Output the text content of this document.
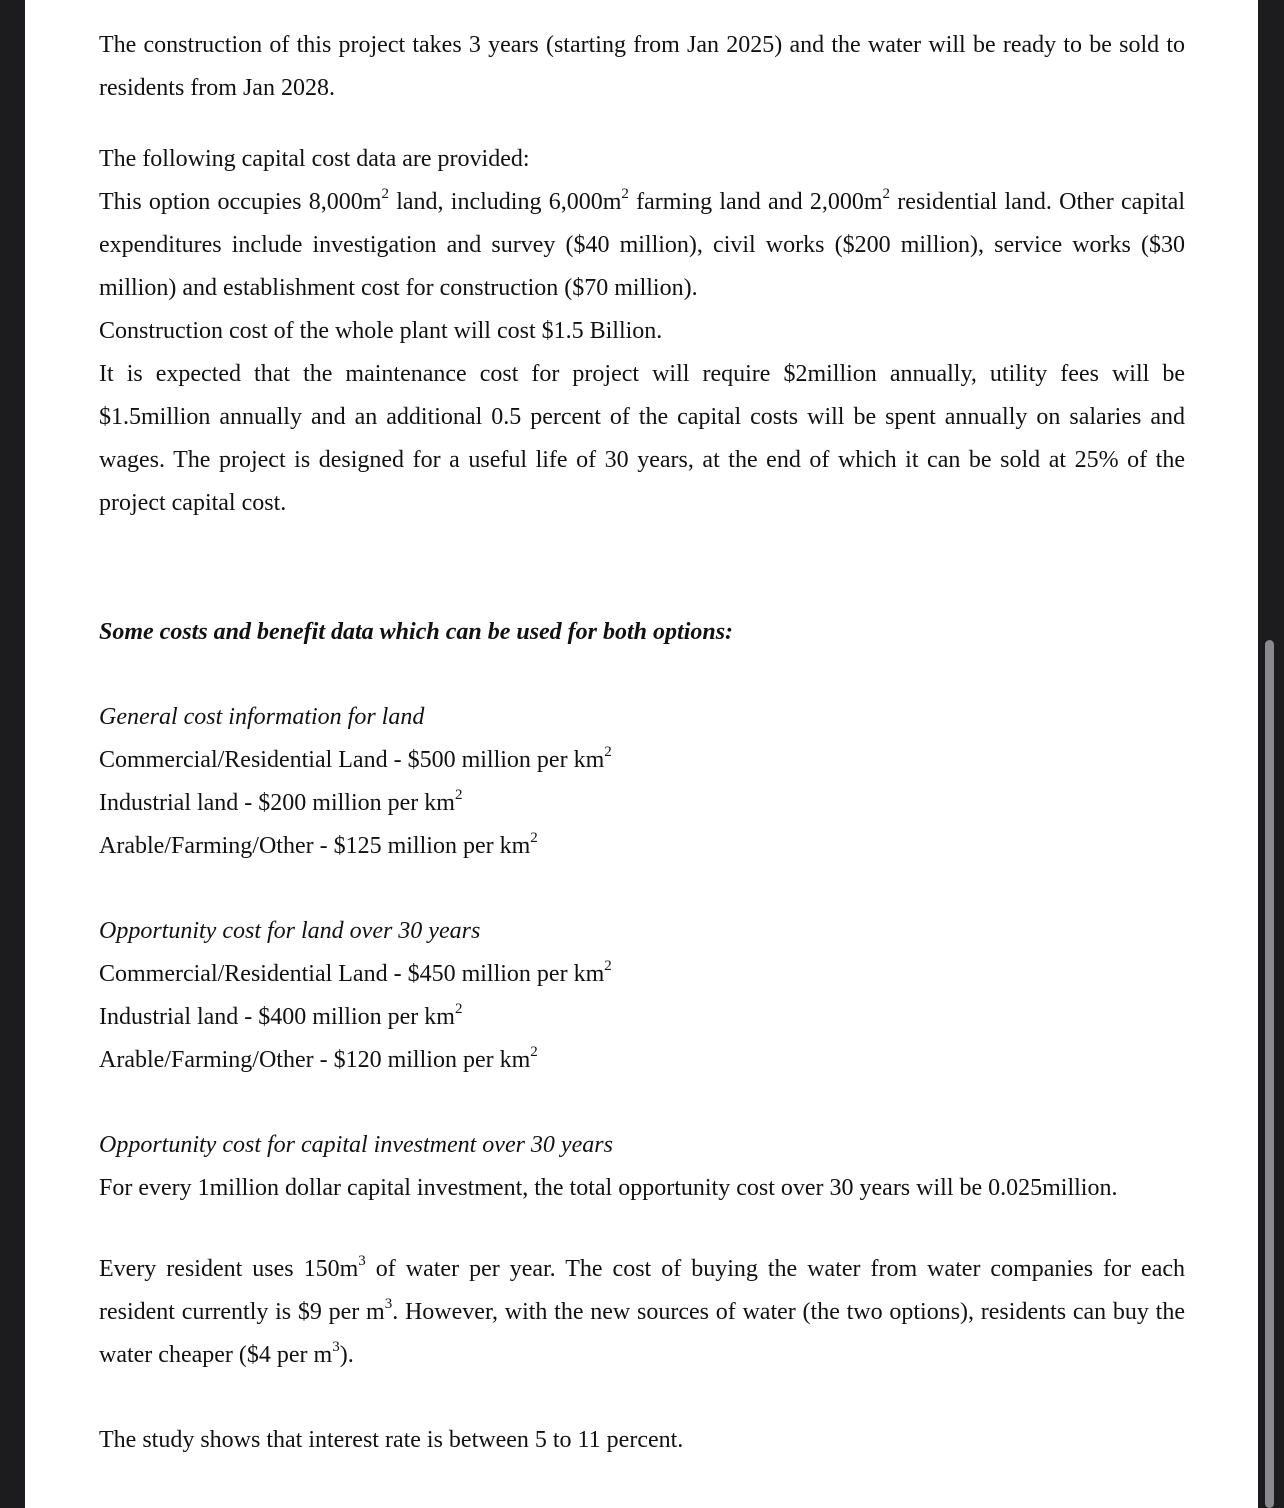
The construction of this project takes 3 years (starting from Jan 2025) and the water will be ready to be sold to residents from Jan 2028.

The following capital cost data are provided:

This option occupies $8,000m^2$ land, including $6,000m^2$ farming land and $2,000m^2$ residential land. Other capital expenditures include investigation and survey ($40 million), civil works ($200 million), service works ($30 million) and establishment cost for construction ($70 million).

Construction cost of the whole plant will cost $1.5 Billion.

It is expected that the maintenance cost for project will require $2million annually, utility fees will be $1.5million annually and an additional 0.5 percent of the capital costs will be spent annually on salaries and wages. The project is designed for a useful life of 30 years, at the end of which it can be sold at 25% of the project capital cost.

Some costs and benefit data which can be used for both options:

General cost information for land

Commercial/Residential Land - $500 million per $km^2$

Industrial land - $200 million per $km^2$

Arable/Farming/Other - $125 million per $km^2$

Opportunity cost for land over 30 years

Commercial/Residential Land - $450 million per $km^2$

Industrial land - $400 million per $km^2$

Arable/Farming/Other - $120 million per $km^2$

Opportunity cost for capital investment over 30 years

For every 1million dollar capital investment, the total opportunity cost over 30 years will be 0.025million.

Every resident uses $150m^3$ of water per year. The cost of buying the water from water companies for each resident currently is $9 per $m^3$. However, with the new sources of water (the two options), residents can buy the water cheaper ($4 per $m^3$).

The study shows that interest rate is between 5 to 11 percent.
